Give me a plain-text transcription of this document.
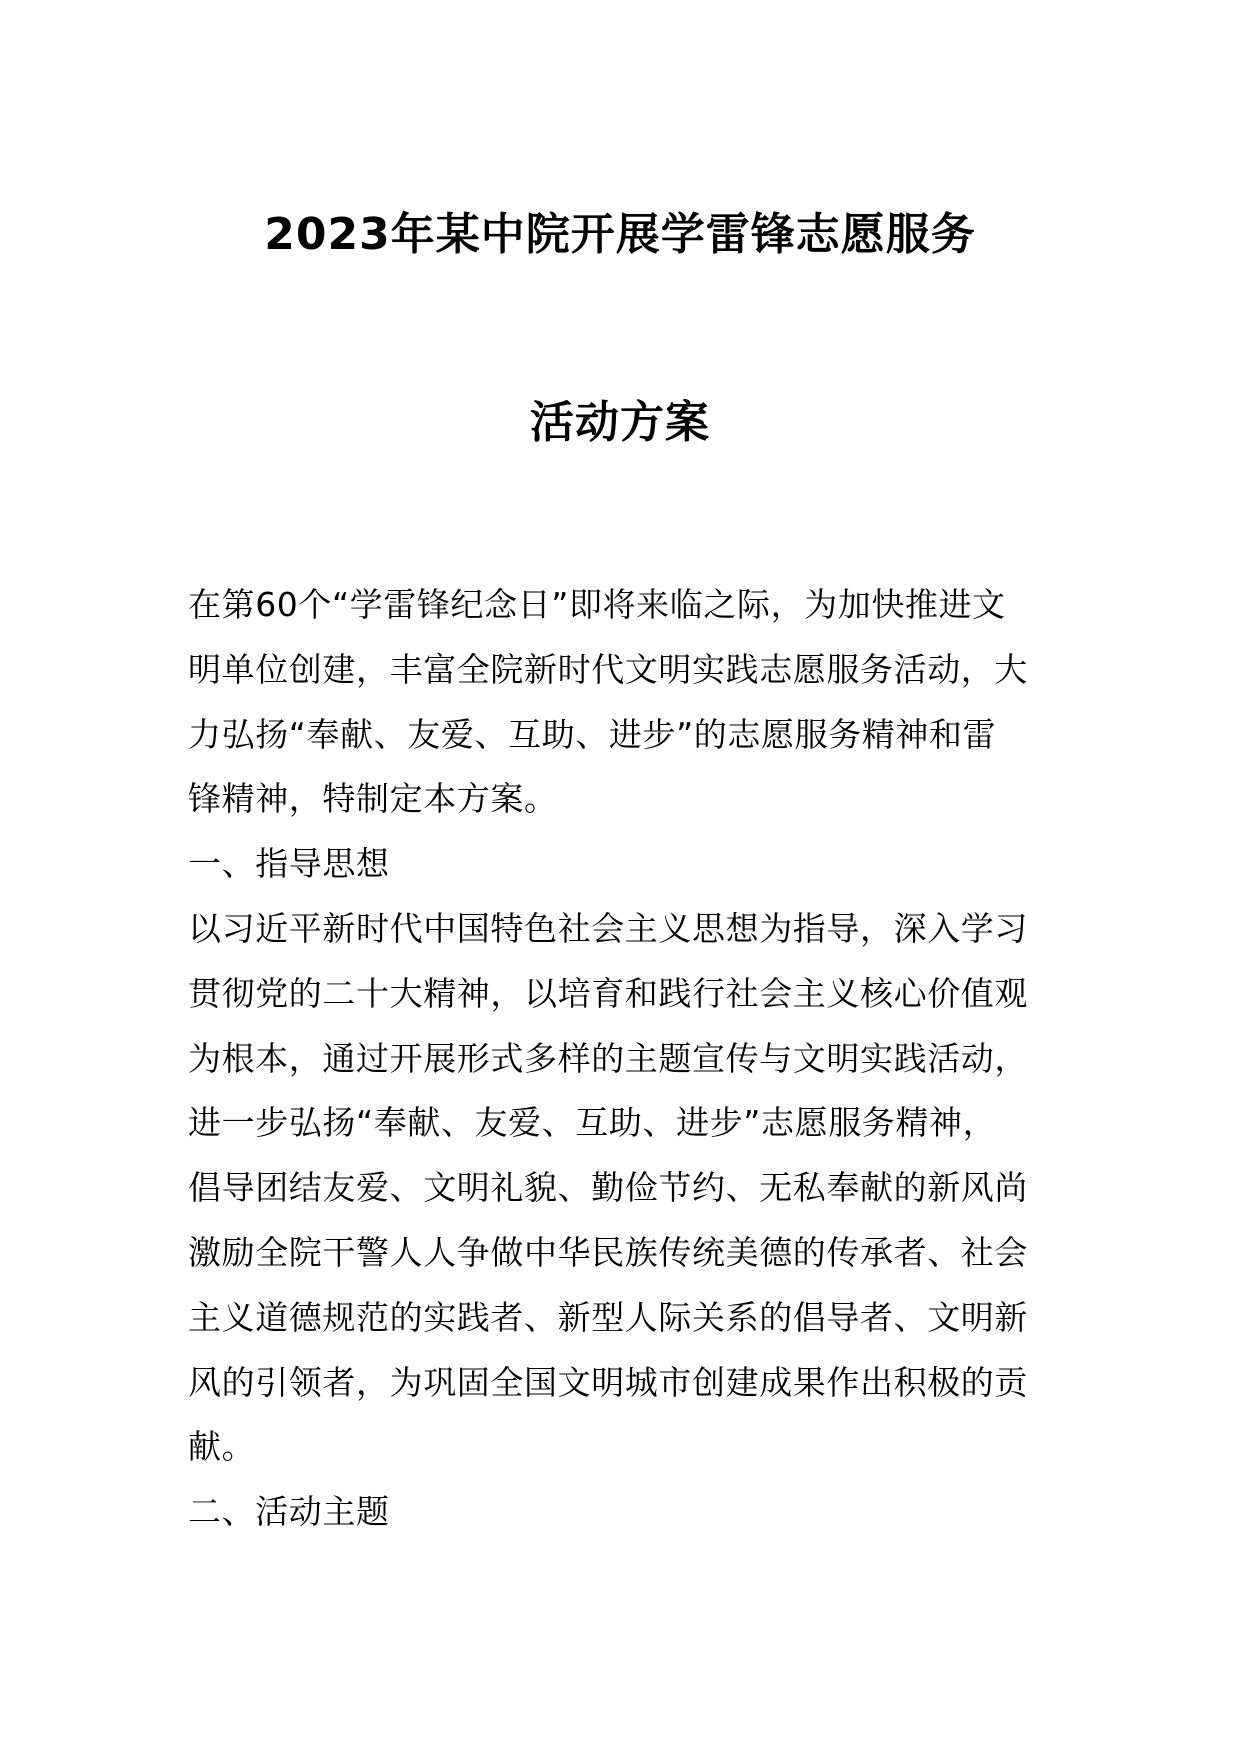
2023年某中院开展学雷锋志愿服务
活动方案
在第60个“学雷锋纪念日”即将来临之际，为加快推进文
明单位创建，丰富全院新时代文明实践志愿服务活动，大
力弘扬“奉献、友爱、互助、进步”的志愿服务精神和雷
锋精神，特制定本方案。
一、指导思想
以习近平新时代中国特色社会主义思想为指导，深入学习
贯彻党的二十大精神，以培育和践行社会主义核心价值观
为根本，通过开展形式多样的主题宣传与文明实践活动，
进一步弘扬“奉献、友爱、互助、进步”志愿服务精神，
倡导团结友爱、文明礼貌、勤俭节约、无私奉献的新风尚
激励全院干警人人争做中华民族传统美德的传承者、社会
主义道德规范的实践者、新型人际关系的倡导者、文明新
风的引领者，为巩固全国文明城市创建成果作出积极的贡
献。
二、活动主题
